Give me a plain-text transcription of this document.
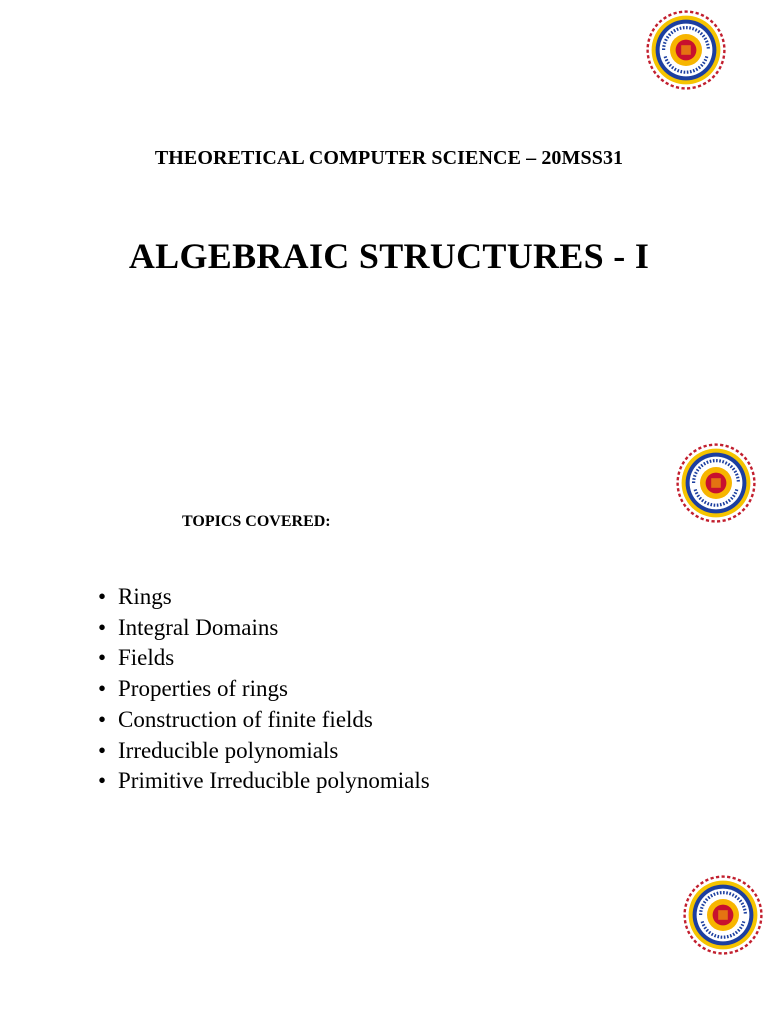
THEORETICAL COMPUTER SCIENCE – 20MSS31
ALGEBRAIC STRUCTURES - I
TOPICS COVERED:
• Rings
• Integral Domains
• Fields
• Properties of rings
• Construction of finite fields
• Irreducible polynomials
• Primitive Irreducible polynomials
